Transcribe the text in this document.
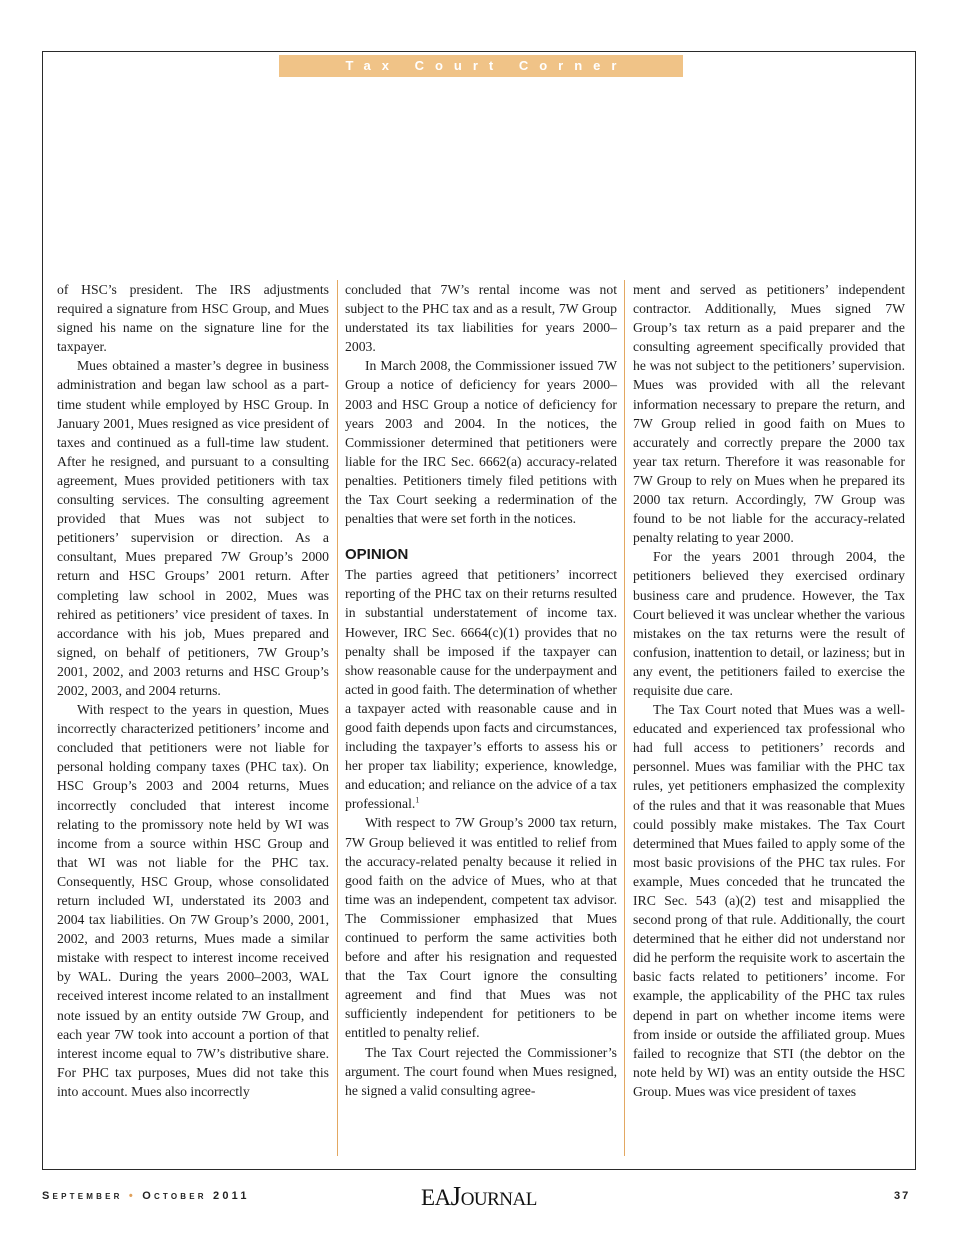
Tax Court Corner

of HSC’s president. The IRS adjustments required a signature from HSC Group, and Mues signed his name on the signature line for the taxpayer.

Mues obtained a master’s degree in business administration and began law school as a part-time student while employed by HSC Group. In January 2001, Mues resigned as vice president of taxes and continued as a full-time law student. After he resigned, and pursuant to a consulting agreement, Mues provided petitioners with tax consulting services. The consulting agreement provided that Mues was not subject to petitioners’ supervision or direction. As a consultant, Mues prepared 7W Group’s 2000 return and HSC Groups’ 2001 return. After completing law school in 2002, Mues was rehired as petitioners’ vice president of taxes. In accordance with his job, Mues prepared and signed, on behalf of petitioners, 7W Group’s 2001, 2002, and 2003 returns and HSC Group’s 2002, 2003, and 2004 returns.

With respect to the years in question, Mues incorrectly characterized petitioners’ income and concluded that petitioners were not liable for personal holding company taxes (PHC tax). On HSC Group’s 2003 and 2004 returns, Mues incorrectly concluded that interest income relating to the promissory note held by WI was income from a source within HSC Group and that WI was not liable for the PHC tax. Consequently, HSC Group, whose consolidated return included WI, understated its 2003 and 2004 tax liabilities. On 7W Group’s 2000, 2001, 2002, and 2003 returns, Mues made a similar mistake with respect to interest income received by WAL. During the years 2000–2003, WAL received interest income related to an installment note issued by an entity outside 7W Group, and each year 7W took into account a portion of that interest income equal to 7W’s distributive share. For PHC tax purposes, Mues did not take this into account. Mues also incorrectly

concluded that 7W’s rental income was not subject to the PHC tax and as a result, 7W Group understated its tax liabilities for years 2000–2003.

In March 2008, the Commissioner issued 7W Group a notice of deficiency for years 2000–2003 and HSC Group a notice of deficiency for years 2003 and 2004. In the notices, the Commissioner determined that petitioners were liable for the IRC Sec. 6662(a) accuracy-related penalties. Petitioners timely filed petitions with the Tax Court seeking a redermination of the penalties that were set forth in the notices.

OPINION

The parties agreed that petitioners’ incorrect reporting of the PHC tax on their returns resulted in substantial understatement of income tax. However, IRC Sec. 6664(c)(1) provides that no penalty shall be imposed if the taxpayer can show reasonable cause for the underpayment and acted in good faith. The determination of whether a taxpayer acted with reasonable cause and in good faith depends upon facts and circumstances, including the taxpayer’s efforts to assess his or her proper tax liability; experience, knowledge, and education; and reliance on the advice of a tax professional.$^1$

With respect to 7W Group’s 2000 tax return, 7W Group believed it was entitled to relief from the accuracy-related penalty because it relied in good faith on the advice of Mues, who at that time was an independent, competent tax advisor. The Commissioner emphasized that Mues continued to perform the same activities both before and after his resignation and requested that the Tax Court ignore the consulting agreement and find that Mues was not sufficiently independent for petitioners to be entitled to penalty relief.

The Tax Court rejected the Commissioner’s argument. The court found when Mues resigned, he signed a valid consulting agree-

ment and served as petitioners’ independent contractor. Additionally, Mues signed 7W Group’s tax return as a paid preparer and the consulting agreement specifically provided that he was not subject to the petitioners’ supervision. Mues was provided with all the relevant information necessary to prepare the return, and 7W Group relied in good faith on Mues to accurately and correctly prepare the 2000 tax year tax return. Therefore it was reasonable for 7W Group to rely on Mues when he prepared its 2000 tax return. Accordingly, 7W Group was found to be not liable for the accuracy-related penalty relating to year 2000.

For the years 2001 through 2004, the petitioners believed they exercised ordinary business care and prudence. However, the Tax Court believed it was unclear whether the various mistakes on the tax returns were the result of confusion, inattention to detail, or laziness; but in any event, the petitioners failed to exercise the requisite due care.

The Tax Court noted that Mues was a well-educated and experienced tax professional who had full access to petitioners’ records and personnel. Mues was familiar with the PHC tax rules, yet petitioners emphasized the complexity of the rules and that it was reasonable that Mues could possibly make mistakes. The Tax Court determined that Mues failed to apply some of the most basic provisions of the PHC tax rules. For example, Mues conceded that he truncated the IRC Sec. 543 (a)(2) test and misapplied the second prong of that rule. Additionally, the court determined that he either did not understand nor did he perform the requisite work to ascertain the basic facts related to petitioners’ income. For example, the applicability of the PHC tax rules depend in part on whether income items were from inside or outside the affiliated group. Mues failed to recognize that STI (the debtor on the note held by WI) was an entity outside the HSC Group. Mues was vice president of taxes

September • October 2011	EAJOURNAL	37
